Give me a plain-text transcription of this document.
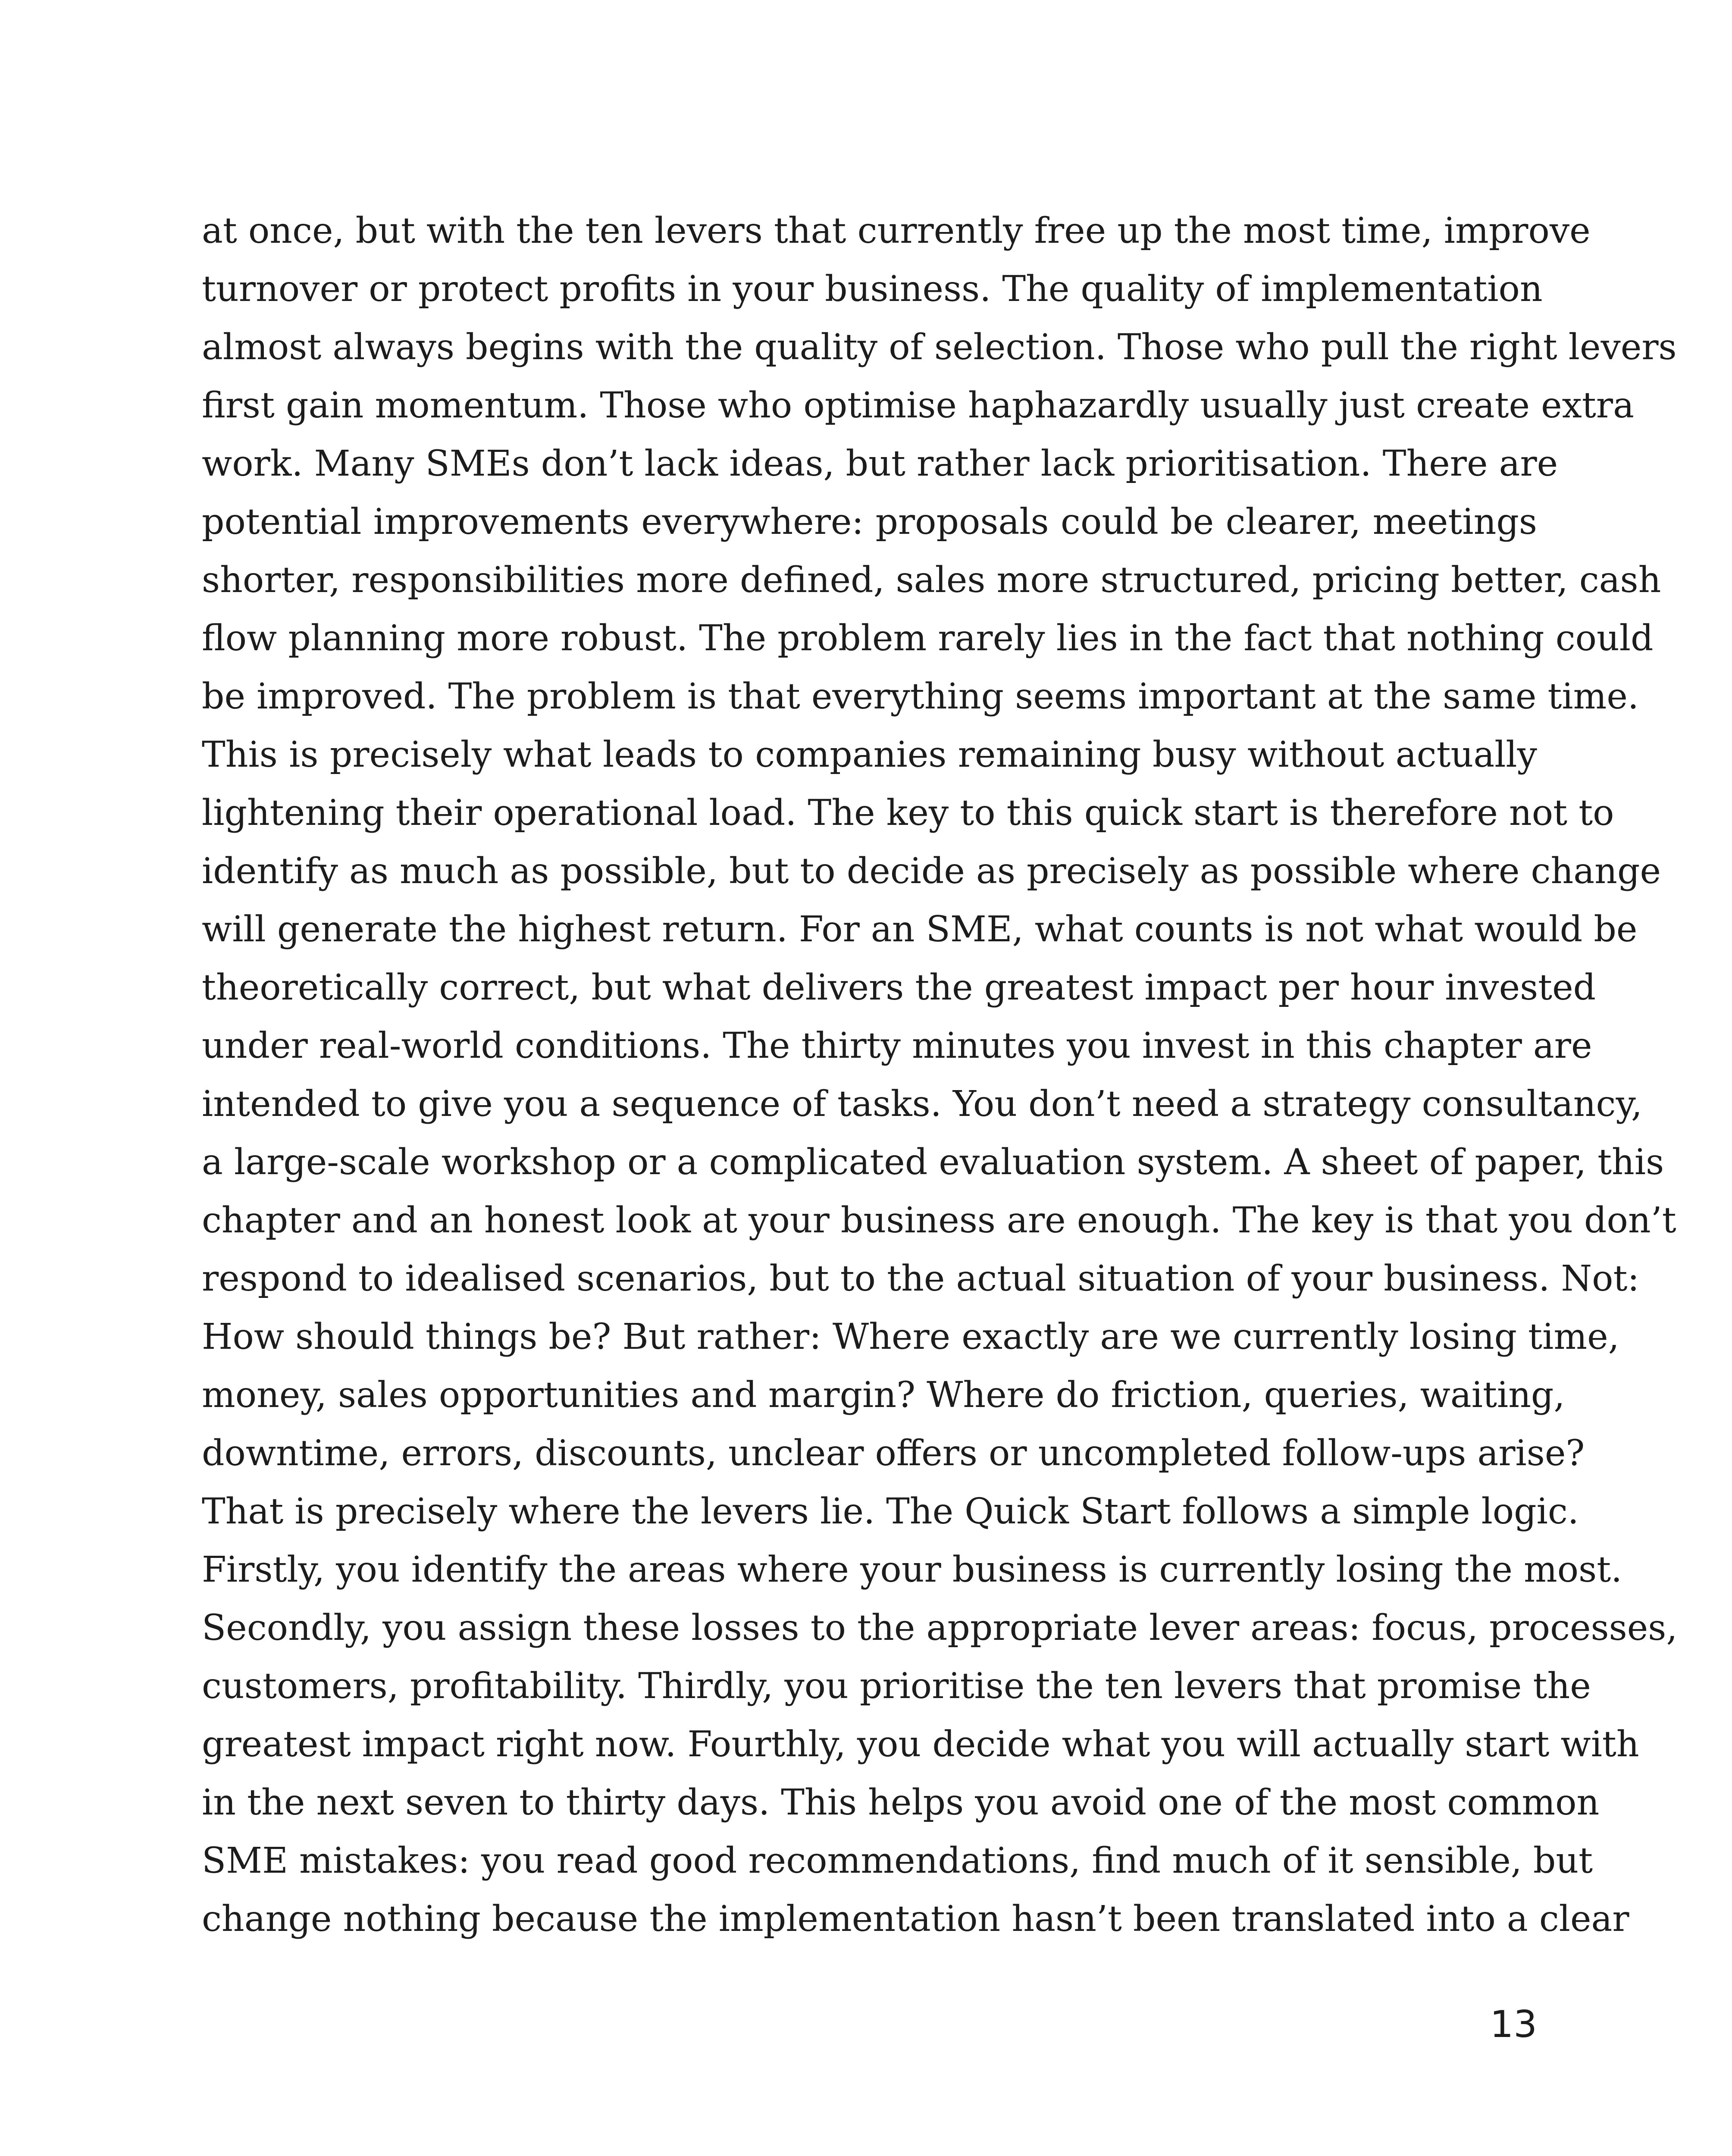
at once, but with the ten levers that currently free up the most time, improve
turnover or protect profits in your business. The quality of implementation
almost always begins with the quality of selection. Those who pull the right levers
first gain momentum. Those who optimise haphazardly usually just create extra
work. Many SMEs don’t lack ideas, but rather lack prioritisation. There are
potential improvements everywhere: proposals could be clearer, meetings
shorter, responsibilities more defined, sales more structured, pricing better, cash
flow planning more robust. The problem rarely lies in the fact that nothing could
be improved. The problem is that everything seems important at the same time.
This is precisely what leads to companies remaining busy without actually
lightening their operational load. The key to this quick start is therefore not to
identify as much as possible, but to decide as precisely as possible where change
will generate the highest return. For an SME, what counts is not what would be
theoretically correct, but what delivers the greatest impact per hour invested
under real-world conditions. The thirty minutes you invest in this chapter are
intended to give you a sequence of tasks. You don’t need a strategy consultancy,
a large-scale workshop or a complicated evaluation system. A sheet of paper, this
chapter and an honest look at your business are enough. The key is that you don’t
respond to idealised scenarios, but to the actual situation of your business. Not:
How should things be? But rather: Where exactly are we currently losing time,
money, sales opportunities and margin? Where do friction, queries, waiting,
downtime, errors, discounts, unclear offers or uncompleted follow-ups arise?
That is precisely where the levers lie. The Quick Start follows a simple logic.
Firstly, you identify the areas where your business is currently losing the most.
Secondly, you assign these losses to the appropriate lever areas: focus, processes,
customers, profitability. Thirdly, you prioritise the ten levers that promise the
greatest impact right now. Fourthly, you decide what you will actually start with
in the next seven to thirty days. This helps you avoid one of the most common
SME mistakes: you read good recommendations, find much of it sensible, but
change nothing because the implementation hasn’t been translated into a clear
13
